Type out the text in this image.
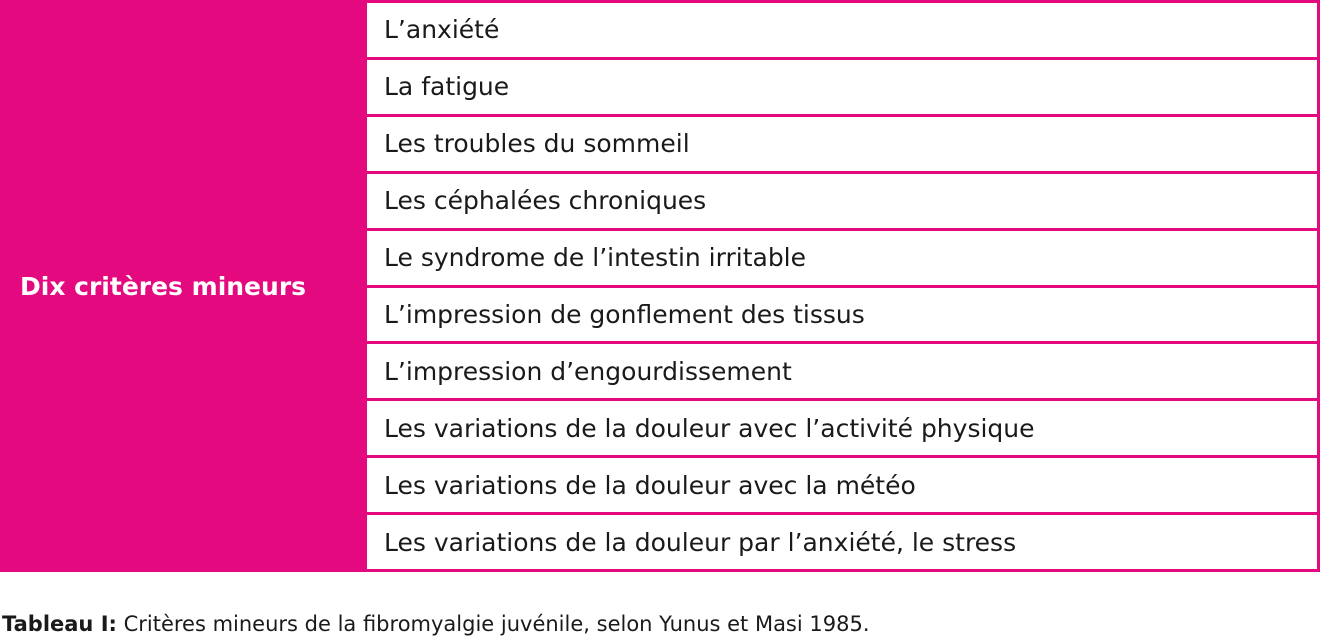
Dix critères mineurs
L’anxiété
La fatigue
Les troubles du sommeil
Les céphalées chroniques
Le syndrome de l’intestin irritable
L’impression de gonflement des tissus
L’impression d’engourdissement
Les variations de la douleur avec l’activité physique
Les variations de la douleur avec la météo
Les variations de la douleur par l’anxiété, le stress
Tableau I: Critères mineurs de la fibromyalgie juvénile, selon Yunus et Masi 1985.
